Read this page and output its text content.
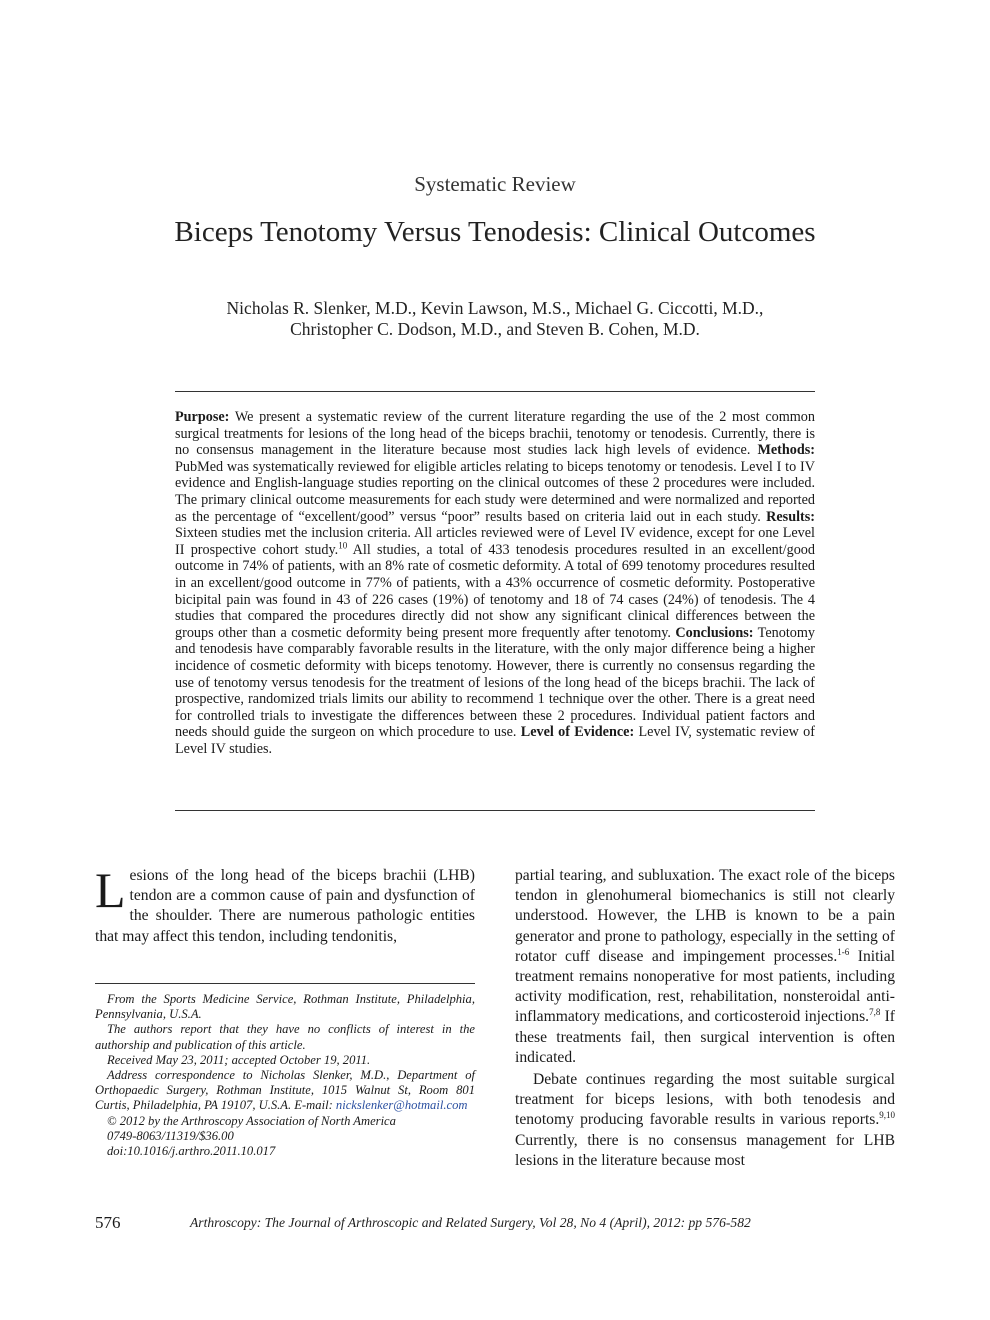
Systematic Review
Biceps Tenotomy Versus Tenodesis: Clinical Outcomes
Nicholas R. Slenker, M.D., Kevin Lawson, M.S., Michael G. Ciccotti, M.D.,
Christopher C. Dodson, M.D., and Steven B. Cohen, M.D.
Purpose: We present a systematic review of the current literature regarding the use of the 2 most common surgical treatments for lesions of the long head of the biceps brachii, tenotomy or tenodesis. Currently, there is no consensus management in the literature because most studies lack high levels of evidence. Methods: PubMed was systematically reviewed for eligible articles relating to biceps tenotomy or tenodesis. Level I to IV evidence and English-language studies reporting on the clinical outcomes of these 2 procedures were included. The primary clinical outcome measurements for each study were determined and were normalized and reported as the percentage of “excellent/good” versus “poor” results based on criteria laid out in each study. Results: Sixteen studies met the inclusion criteria. All articles reviewed were of Level IV evidence, except for one Level II prospective cohort study.$^{10}$ All studies, a total of 433 tenodesis procedures resulted in an excellent/good outcome in 74% of patients, with an 8% rate of cosmetic deformity. A total of 699 tenotomy procedures resulted in an excellent/good outcome in 77% of patients, with a 43% occurrence of cosmetic deformity. Postoperative bicipital pain was found in 43 of 226 cases (19%) of tenotomy and 18 of 74 cases (24%) of tenodesis. The 4 studies that compared the procedures directly did not show any significant clinical differences between the groups other than a cosmetic deformity being present more frequently after tenotomy. Conclusions: Tenotomy and tenodesis have comparably favorable results in the literature, with the only major difference being a higher incidence of cosmetic deformity with biceps tenotomy. However, there is currently no consensus regarding the use of tenotomy versus tenodesis for the treatment of lesions of the long head of the biceps brachii. The lack of prospective, randomized trials limits our ability to recommend 1 technique over the other. There is a great need for controlled trials to investigate the differences between these 2 procedures. Individual patient factors and needs should guide the surgeon on which procedure to use. Level of Evidence: Level IV, systematic review of Level IV studies.

Lesions of the long head of the biceps brachii (LHB) tendon are a common cause of pain and dysfunction of the shoulder. There are numerous pathologic entities that may affect this tendon, including tendonitis,

From the Sports Medicine Service, Rothman Institute, Philadelphia, Pennsylvania, U.S.A.

The authors report that they have no conflicts of interest in the authorship and publication of this article.

Received May 23, 2011; accepted October 19, 2011.

Address correspondence to Nicholas Slenker, M.D., Department of Orthopaedic Surgery, Rothman Institute, 1015 Walnut St, Room 801 Curtis, Philadelphia, PA 19107, U.S.A. E-mail: nickslenker@hotmail.com

© 2012 by the Arthroscopy Association of North America

0749-8063/11319/$36.00

doi:10.1016/j.arthro.2011.10.017

partial tearing, and subluxation. The exact role of the biceps tendon in glenohumeral biomechanics is still not clearly understood. However, the LHB is known to be a pain generator and prone to pathology, especially in the setting of rotator cuff disease and impingement processes.$^{1-6}$ Initial treatment remains nonoperative for most patients, including activity modification, rest, rehabilitation, nonsteroidal anti-inflammatory medications, and corticosteroid injections.$^{7,8}$ If these treatments fail, then surgical intervention is often indicated.

Debate continues regarding the most suitable surgical treatment for biceps lesions, with both tenodesis and tenotomy producing favorable results in various reports.$^{9,10}$ Currently, there is no consensus management for LHB lesions in the literature because most

576	Arthroscopy: The Journal of Arthroscopic and Related Surgery, Vol 28, No 4 (April), 2012: pp 576-582
